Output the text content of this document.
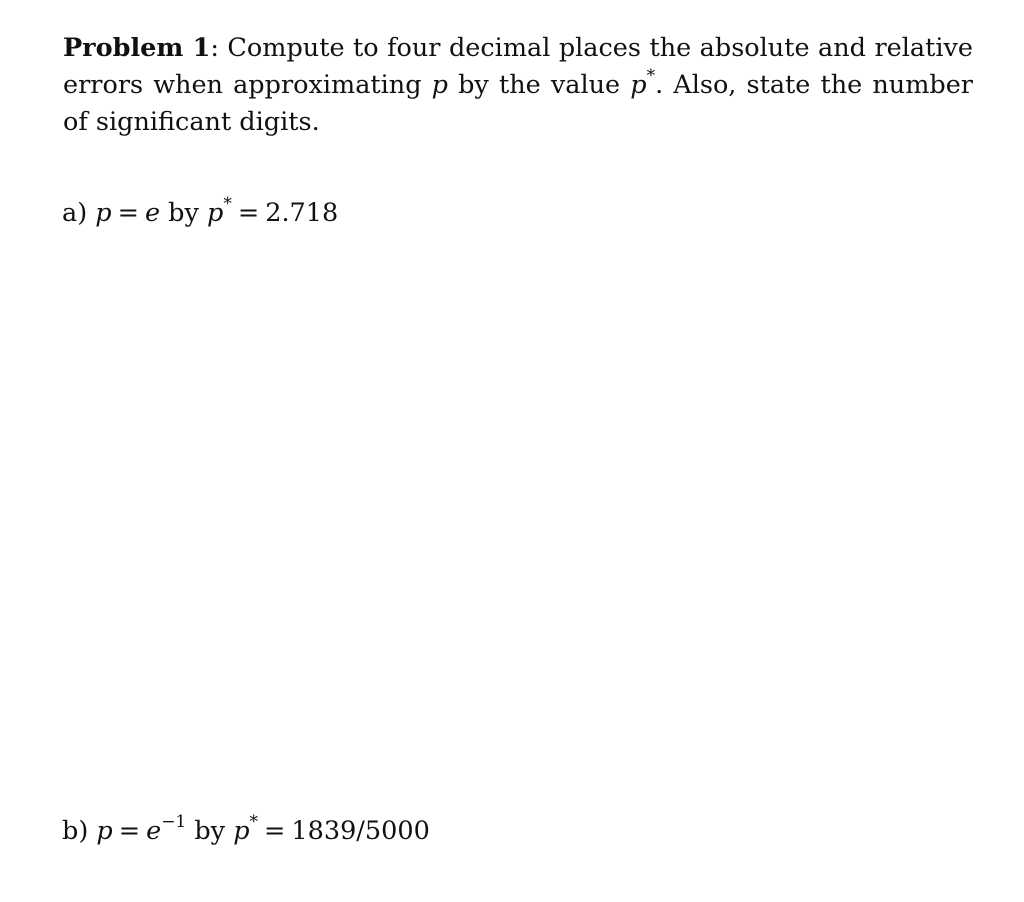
Problem 1: Compute to four decimal places the absolute and relative errors when approximating p by the value p*. Also, state the number of significant digits.
a) p = e by p* = 2.718
b) $p = e^{-1}$ by p* = 1839/5000
